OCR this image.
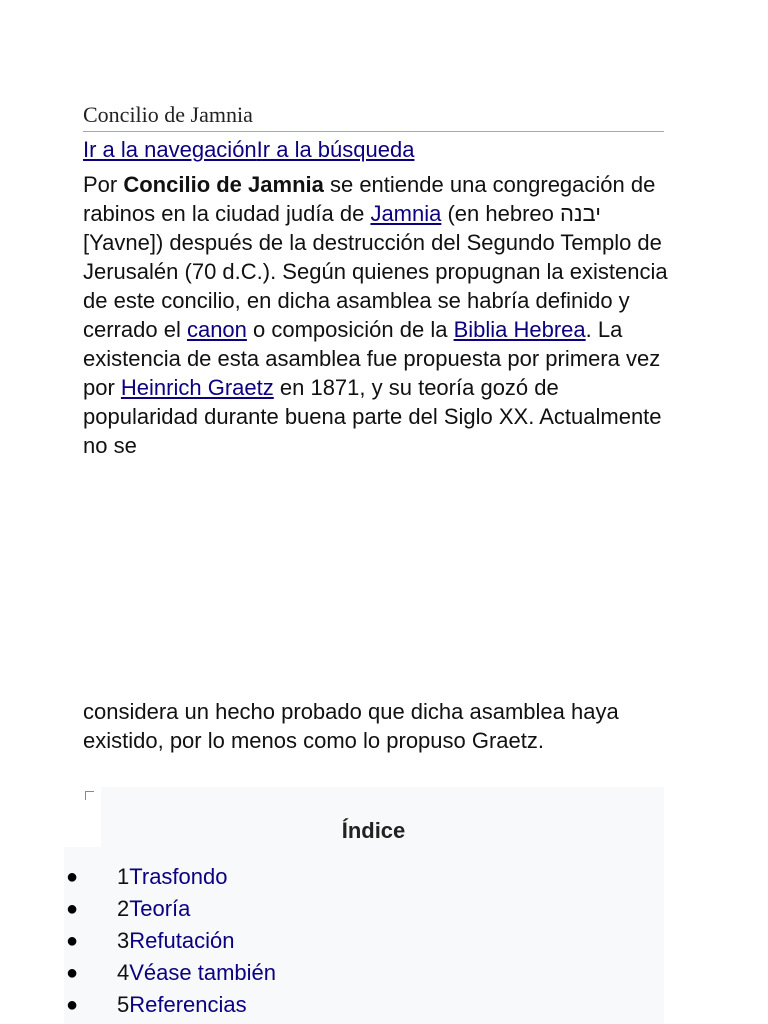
Concilio de Jamnia
Ir a la navegaciónIr a la búsqueda
Por Concilio de Jamnia se entiende una congregación de rabinos en la ciudad judía de Jamnia (en hebreo יבנה [Yavne]) después de la destrucción del Segundo Templo de Jerusalén (70 d.C.). Según quienes propugnan la existencia de este concilio, en dicha asamblea se habría definido y cerrado el canon o composición de la Biblia Hebrea. La existencia de esta asamblea fue propuesta por primera vez por Heinrich Graetz en 1871, y su teoría gozó de popularidad durante buena parte del Siglo XX. Actualmente no se
considera un hecho probado que dicha asamblea haya existido, por lo menos como lo propuso Graetz.
Índice
● 1Trasfondo
● 2Teoría
● 3Refutación
● 4Véase también
● 5Referencias
